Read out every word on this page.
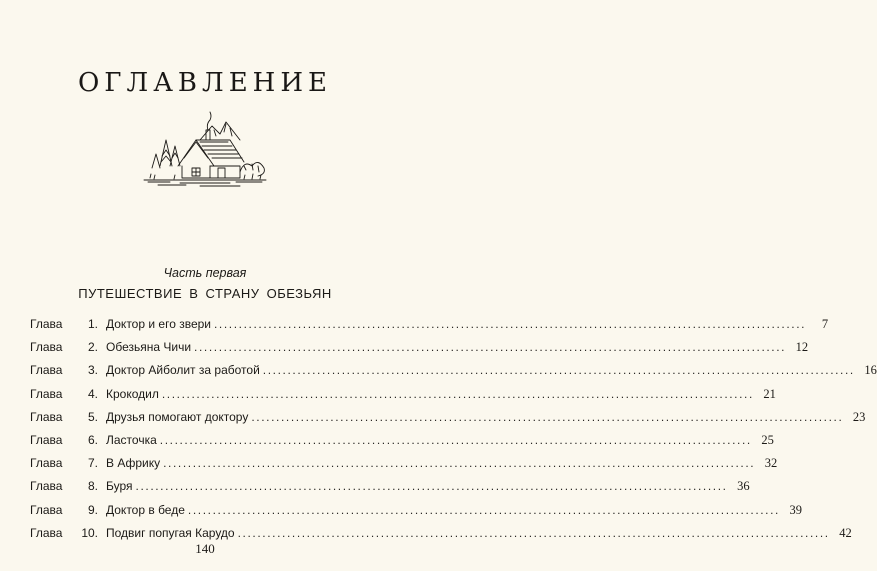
ОГЛАВЛЕНИЕ
Часть первая
ПУТЕШЕСТВИЕ В СТРАНУ ОБЕЗЬЯН
Глава	1. Доктор и его звери ........................................................................................................................	7
Глава	2. Обезьяна Чичи ........................................................................................................................ 12
Глава	3. Доктор Айболит за работой ........................................................................................................................ 16
Глава	4. Крокодил ........................................................................................................................ 21
Глава	5. Друзья помогают доктору ........................................................................................................................ 23
Глава	6. Ласточка ........................................................................................................................ 25
Глава	7. В Африку ........................................................................................................................ 32
Глава	8. Буря ........................................................................................................................ 36
Глава	9. Доктор в беде ........................................................................................................................ 39
Глава	10. Подвиг попугая Карудо ........................................................................................................................ 42
140
